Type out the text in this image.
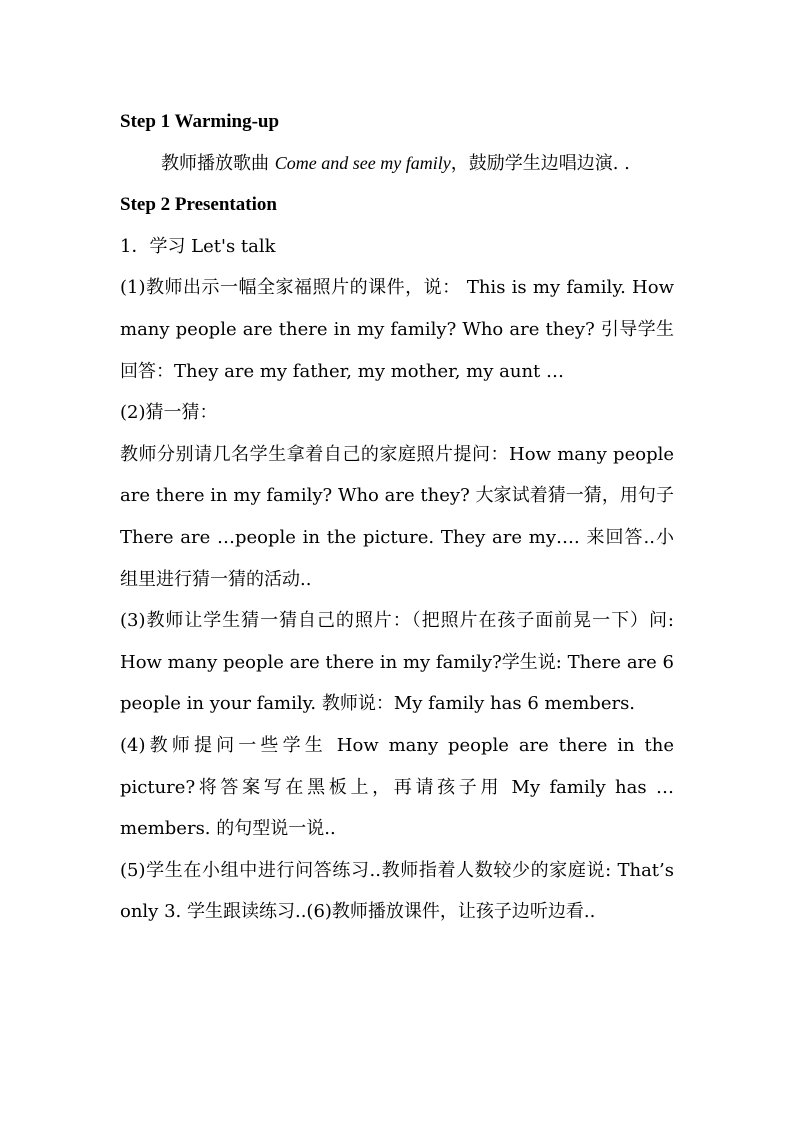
Step 1 Warming-up

教师播放歌曲 Come and see my family，鼓励学生边唱边演. .

Step 2 Presentation

1．学习 Let's talk

(1)教师出示一幅全家福照片的课件，说： This is my family. How many people are there in my family? Who are they? 引导学生回答：They are my father, my mother, my aunt …

(2)猜一猜：

教师分别请几名学生拿着自己的家庭照片提问：How many people are there in my family? Who are they? 大家试着猜一猜，用句子 There are …people in the picture. They are my…. 来回答..小组里进行猜一猜的活动..

(3)教师让学生猜一猜自己的照片：（把照片在孩子面前晃一下）问: How many people are there in my family?学生说: There are 6 people in your family. 教师说：My family has 6 members.

(4)教师提问一些学生 How many people are there in the picture?将答案写在黑板上，再请孩子用 My family has … members. 的句型说一说..

(5)学生在小组中进行问答练习..教师指着人数较少的家庭说: That’s only 3. 学生跟读练习..(6)教师播放课件，让孩子边听边看..
